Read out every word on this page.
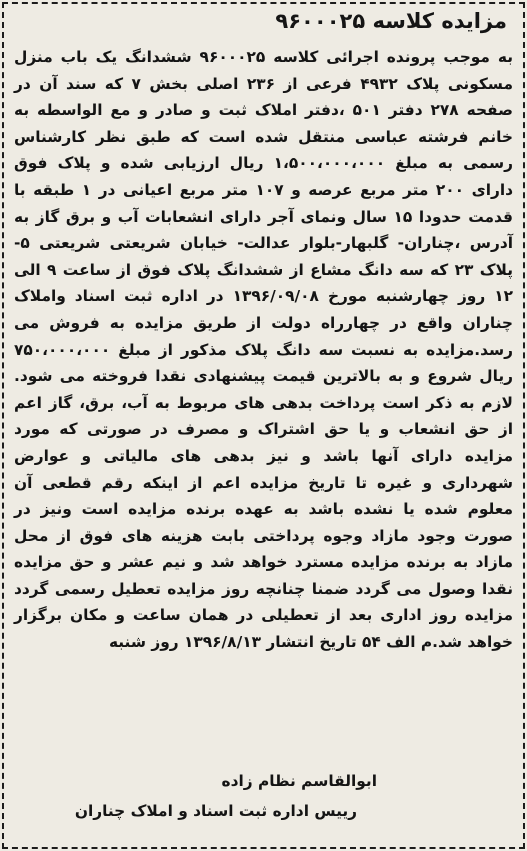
مزایده کلاسه ۹۶۰۰۰۲۵
به موجب پرونده اجرائی کلاسه ۹۶۰۰۰۲۵ ششدانگ یک باب منزل مسکونی پلاک ۴۹۳۲ فرعی از ۲۳۶ اصلی بخش ۷ که سند آن در صفحه ۲۷۸ دفتر ۵۰۱ ،دفتر املاک ثبت و صادر و مع الواسطه به خانم فرشته عباسی منتقل شده است که طبق نظر کارشناس رسمی به مبلغ ۱،۵۰۰،۰۰۰،۰۰۰ ریال ارزیابی شده و پلاک فوق دارای ۲۰۰ متر مربع عرصه و ۱۰۷ متر مربع اعیانی در ۱ طبقه با قدمت حدودا ۱۵ سال ونمای آجر دارای انشعابات آب و برق گاز به آدرس ،چناران- گلبهار-بلوار عدالت- خیابان شریعتی شریعتی ۵- پلاک ۲۳ که سه دانگ مشاع از ششدانگ پلاک فوق از ساعت ۹ الی ۱۲ روز چهارشنبه مورخ ۱۳۹۶/۰۹/۰۸ در اداره ثبت اسناد واملاک چناران واقع در چهارراه دولت از طریق مزایده به فروش می رسد.مزایده به نسبت سه دانگ پلاک مذکور از مبلغ ۷۵۰،۰۰۰،۰۰۰ ریال شروع و به بالاترین قیمت پیشنهادی نقدا فروخته می شود. لازم به ذکر است پرداخت بدهی های مربوط به آب، برق، گاز اعم از حق انشعاب و یا حق اشتراک و مصرف در صورتی که مورد مزایده دارای آنها باشد و نیز بدهی های مالیاتی و عوارض شهرداری و غیره تا تاریخ مزایده اعم از اینکه رقم قطعی آن معلوم شده یا نشده باشد به عهده برنده مزایده است ونیز در صورت وجود مازاد وجوه پرداختی بابت هزینه های فوق از محل مازاد به برنده مزایده مسترد خواهد شد و نیم عشر و حق مزایده نقدا وصول می گردد ضمنا چنانچه روز مزایده تعطیل رسمی گردد مزایده روز اداری بعد از تعطیلی در همان ساعت و مکان برگزار خواهد شد.م الف ۵۴ تاریخ انتشار ۱۳۹۶/۸/۱۳ روز شنبه
ابوالقاسم نظام زاده
رییس اداره ثبت اسناد و املاک چناران
